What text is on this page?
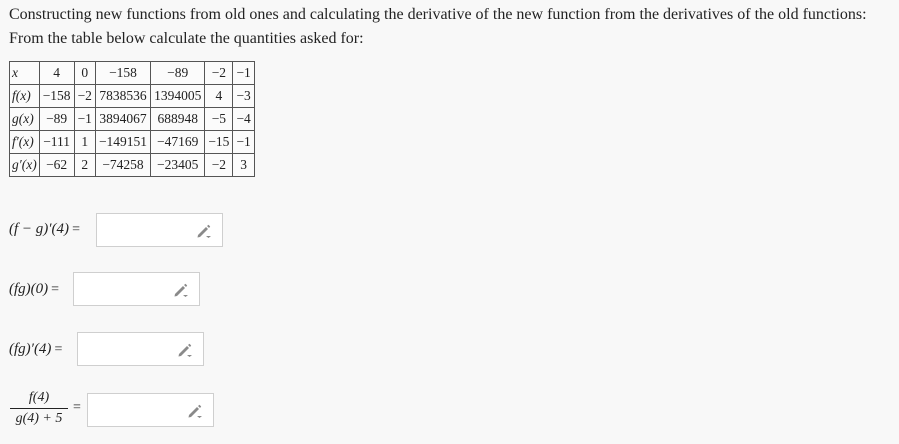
Constructing new functions from old ones and calculating the derivative of the new function from the derivatives of the old functions:

From the table below calculate the quantities asked for:

x	4	0	−158	−89	−2	−1
f(x)	−158	−2	7838536	1394005	4	−3
g(x)	−89	−1	3894067	688948	−5	−4
f′(x)	−111	1	−149151	−47169	−15	−1
g′(x)	−62	2	−74258	−23405	−2	3
(f − g)′(4) =
(fg)(0) =
(fg)′(4) =
$\frac{f(4)}{g(4) + 5}$ =
